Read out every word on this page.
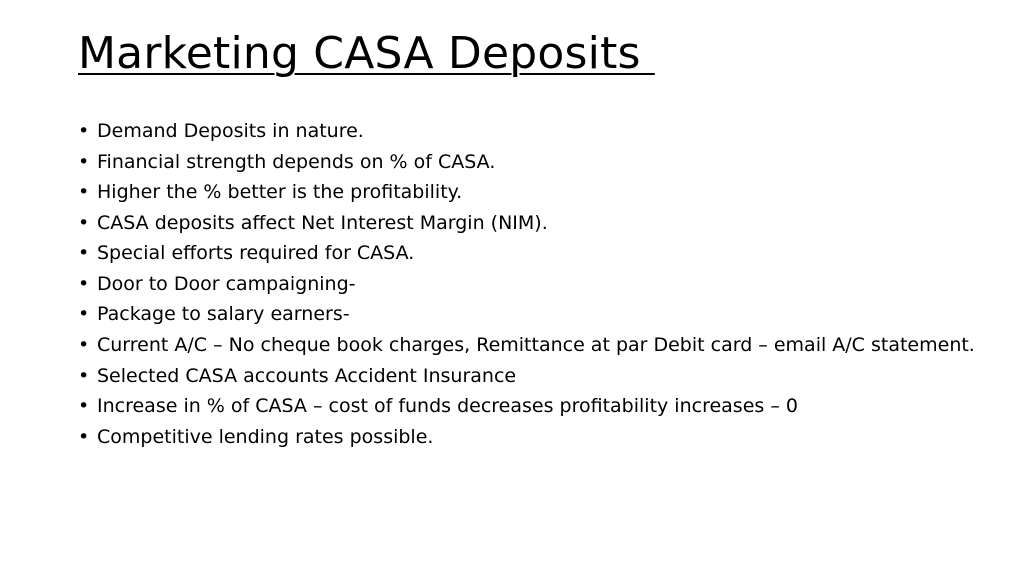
Marketing CASA Deposits
• Demand Deposits in nature.
• Financial strength depends on % of CASA.
• Higher the % better is the profitability.
• CASA deposits affect Net Interest Margin (NIM).
• Special efforts required for CASA.
• Door to Door campaigning-
• Package to salary earners-
• Current A/C – No cheque book charges, Remittance at par Debit card – email A/C statement.
• Selected CASA accounts Accident Insurance
• Increase in % of CASA – cost of funds decreases profitability increases – 0
• Competitive lending rates possible.
